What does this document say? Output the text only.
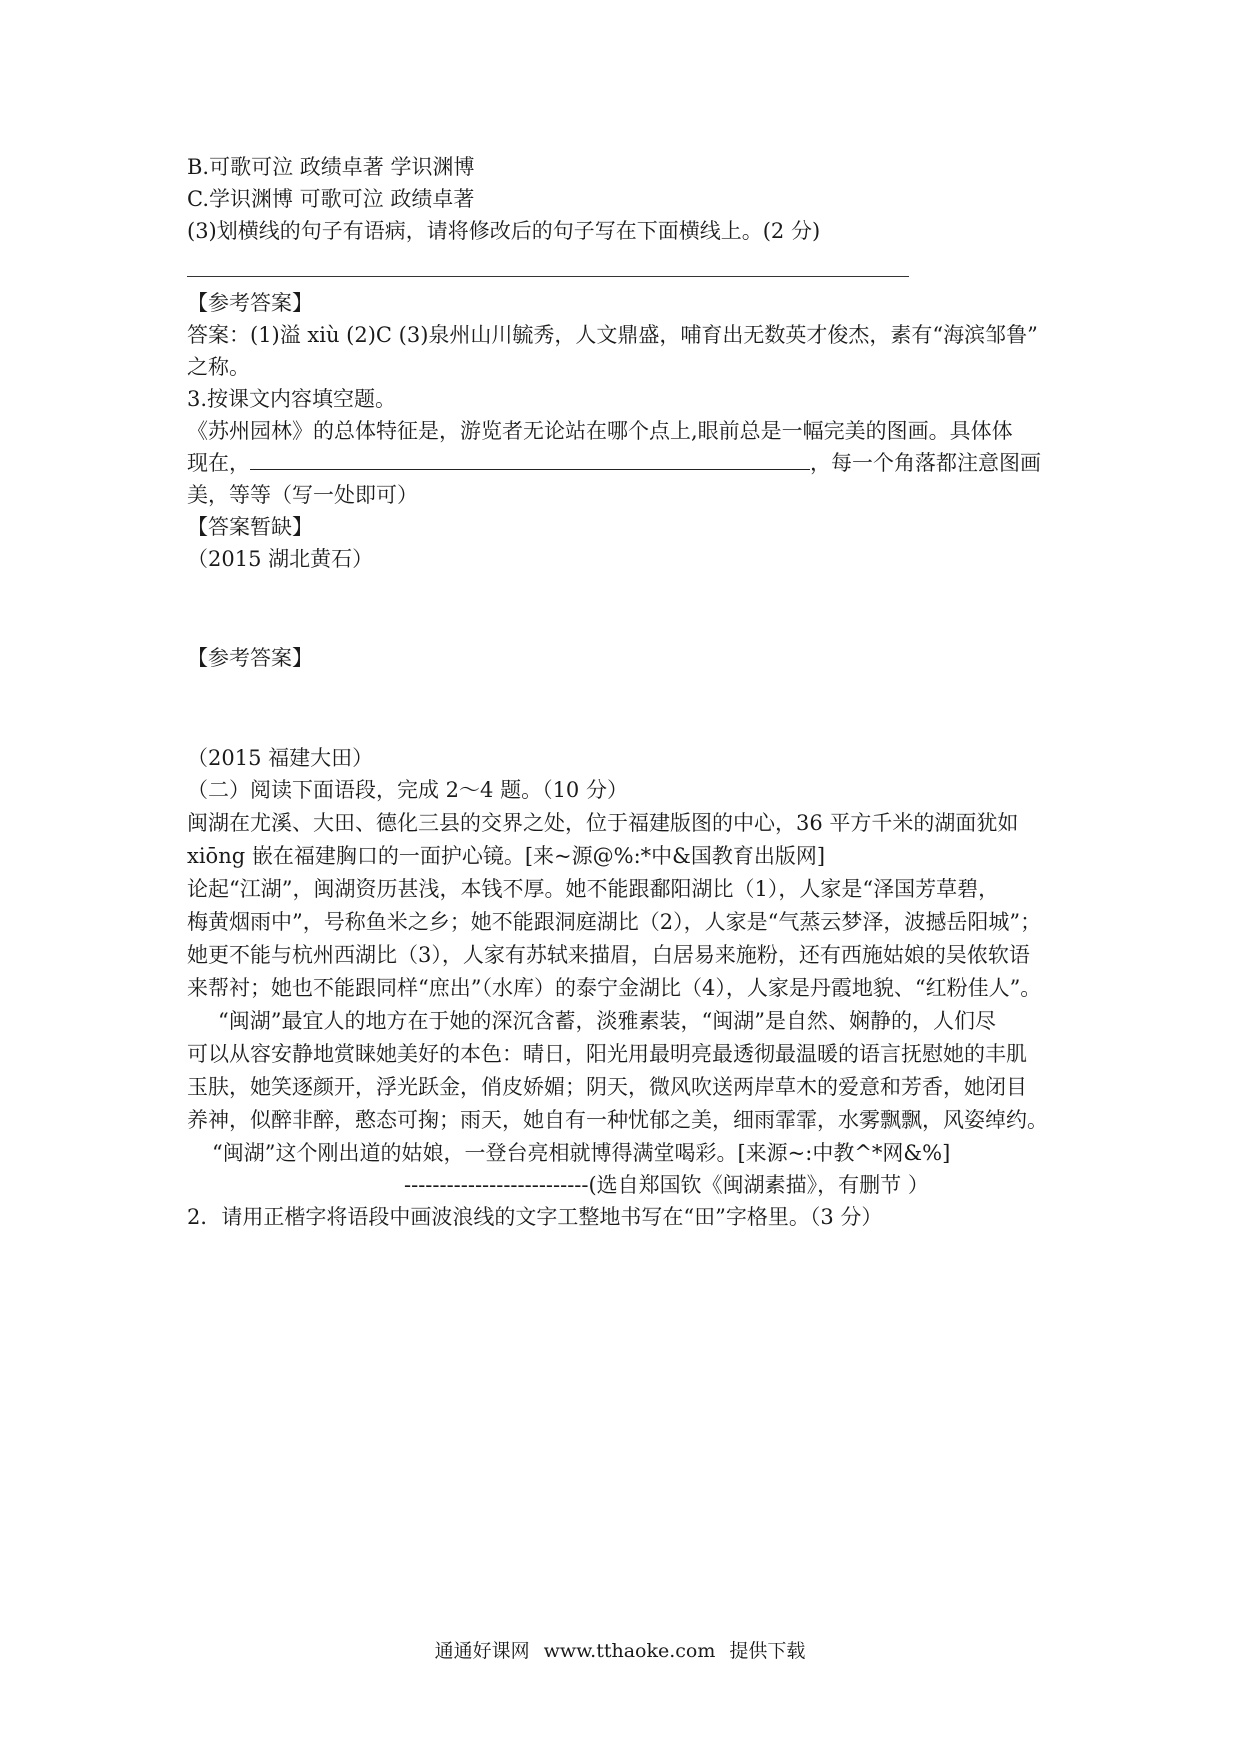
B.可歌可泣 政绩卓著 学识渊博
C.学识渊博 可歌可泣 政绩卓著
(3)划横线的句子有语病，请将修改后的句子写在下面横线上。(2 分)
【参考答案】
答案：(1)溢 xiù (2)C (3)泉州山川毓秀，人文鼎盛，哺育出无数英才俊杰，素有“海滨邹鲁”
之称。
3.按课文内容填空题。
《苏州园林》的总体特征是，游览者无论站在哪个点上,眼前总是一幅完美的图画。具体体
现在，	，每一个角落都注意图画
美，等等（写一处即可）
【答案暂缺】
（2015 湖北黄石）
【参考答案】
（2015 福建大田）
（二）阅读下面语段，完成 2～4 题。（10 分）
闽湖在尤溪、大田、德化三县的交界之处，位于福建版图的中心，36 平方千米的湖面犹如
xiōng 嵌在福建胸口的一面护心镜。[来~源@%:*中&国教育出版网]
论起“江湖”，闽湖资历甚浅，本钱不厚。她不能跟鄱阳湖比（1），人家是“泽国芳草碧，
梅黄烟雨中”，号称鱼米之乡；她不能跟洞庭湖比（2），人家是“气蒸云梦泽，波撼岳阳城”；
她更不能与杭州西湖比（3），人家有苏轼来描眉，白居易来施粉，还有西施姑娘的吴侬软语
来帮衬；她也不能跟同样“庶出”（水库）的泰宁金湖比（4），人家是丹霞地貌、“红粉佳人”。
“闽湖”最宜人的地方在于她的深沉含蓄，淡雅素装，“闽湖”是自然、娴静的，人们尽
可以从容安静地赏睐她美好的本色：晴日，阳光用最明亮最透彻最温暖的语言抚慰她的丰肌
玉肤，她笑逐颜开，浮光跃金，俏皮娇媚；阴天，微风吹送两岸草木的爱意和芳香，她闭目
养神，似醉非醉，憨态可掬；雨天，她自有一种忧郁之美，细雨霏霏，水雾飘飘，风姿绰约。
“闽湖”这个刚出道的姑娘，一登台亮相就博得满堂喝彩。[来源~:中教^*网&%]
--------------------------(选自郑国钦《闽湖素描》，有删节 ）
2．请用正楷字将语段中画波浪线的文字工整地书写在“田”字格里。（3 分）
通通好课网 www.tthaoke.com 提供下载
